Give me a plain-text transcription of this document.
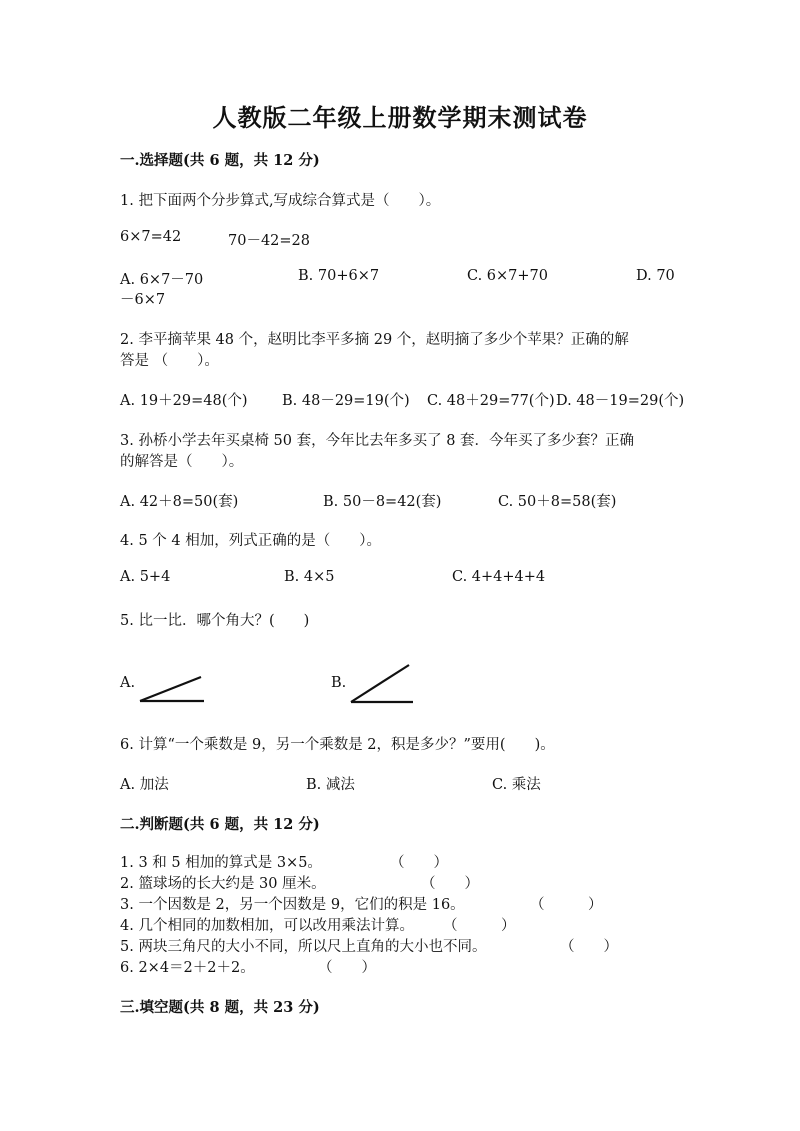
人教版二年级上册数学期末测试卷
一.选择题(共 6 题，共 12 分)
1. 把下面两个分步算式,写成综合算式是（　　）。
6×7=42	70－42=28
A. 6×7－70	B. 70+6×7	C. 6×7+70	D. 70
－6×7
2. 李平摘苹果 48 个，赵明比李平多摘 29 个，赵明摘了多少个苹果？正确的解
答是 （　　）。
A. 19＋29=48(个) B. 48－29=19(个) C. 48＋29=77(个) D. 48－19=29(个)
3. 孙桥小学去年买桌椅 50 套，今年比去年多买了 8 套．今年买了多少套？正确
的解答是（　　）。
A. 42＋8=50(套)	B. 50－8=42(套)	C. 50＋8=58(套)
4. 5 个 4 相加，列式正确的是（　　）。
A. 5+4	B. 4×5	C. 4+4+4+4
5. 比一比．哪个角大？(　　)
A.	B.
6. 计算“一个乘数是 9，另一个乘数是 2，积是多少？”要用(　　)。
A. 加法	B. 减法	C. 乘法
二.判断题(共 6 题，共 12 分)
1. 3 和 5 相加的算式是 3×5。	（　　）
2. 篮球场的长大约是 30 厘米。	（　　）
3. 一个因数是 2，另一个因数是 9，它们的积是 16。	（　　　）
4. 几个相同的加数相加，可以改用乘法计算。 （　　　）
5. 两块三角尺的大小不同，所以尺上直角的大小也不同。	（　　）
6. 2×4＝2＋2＋2。	（　　）
三.填空题(共 8 题，共 23 分)
